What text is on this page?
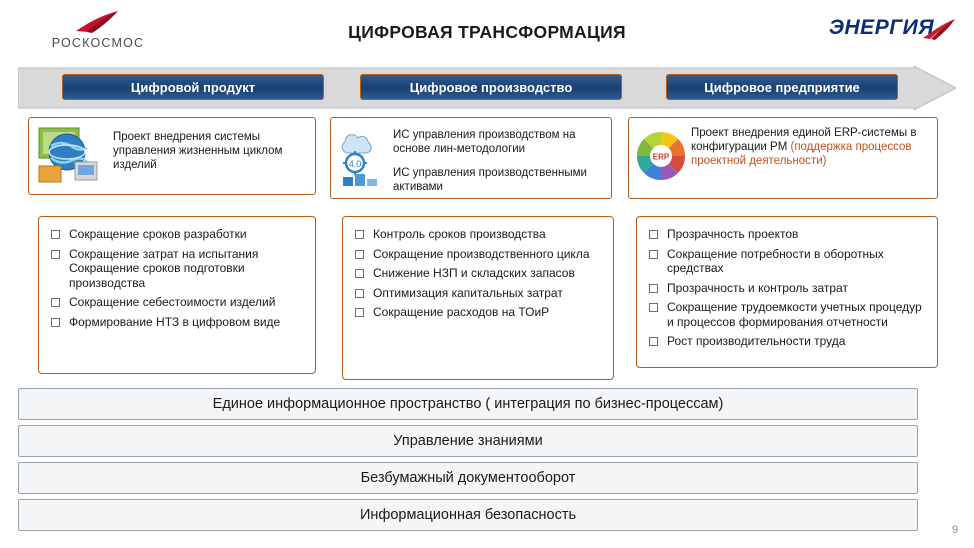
РОСКОСМОС
ЦИФРОВАЯ ТРАНСФОРМАЦИЯ	ЭНЕРГИЯ
Цифровой продукт	Цифровое производство	Цифровое предприятие
Проект внедрения системы управления жизненным циклом изделий	4.0
ИС управления производством на основе лин-методологии
ИС управления производственными активами
ERP
Проект внедрения единой ERP-системы в конфигурации PM (поддержка процессов проектной деятельности)
Сокращение сроков разработки
Сокращение затрат на испытания Сокращение сроков подготовки производства
Сокращение себестоимости изделий
Формирование НТЗ в цифровом виде
Контроль сроков производства
Сокращение производственного цикла
Снижение НЗП и складских запасов
Оптимизация капитальных затрат
Сокращение расходов на ТОиР
Прозрачность проектов
Сокращение потребности в оборотных средствах
Прозрачность и контроль затрат
Сокращение трудоемкости учетных процедур и процессов формирования отчетности
Рост производительности труда
Единое информационное пространство ( интеграция по бизнес-процессам)
Управление знаниями
Безбумажный документооборот
Информационная безопасность
9
